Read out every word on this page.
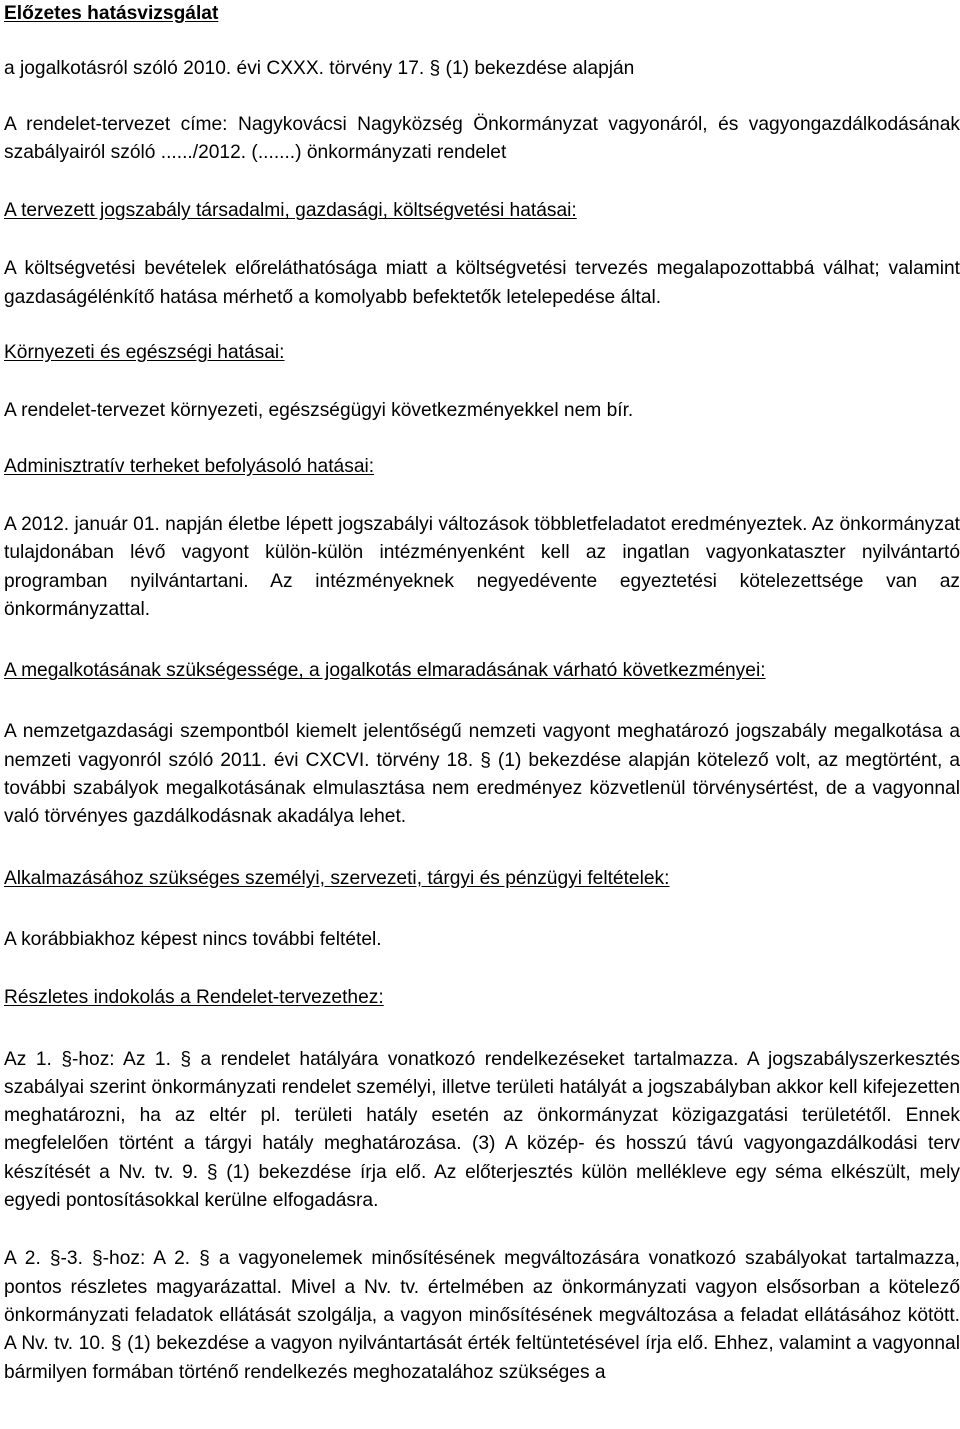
Előzetes hatásvizsgálat

a jogalkotásról szóló 2010. évi CXXX. törvény 17. § (1) bekezdése alapján

A rendelet-tervezet címe: Nagykovácsi Nagyközség Önkormányzat vagyonáról, és vagyongazdálkodásának szabályairól szóló ....../2012. (.......) önkormányzati rendelet

A tervezett jogszabály társadalmi, gazdasági, költségvetési hatásai:

A költségvetési bevételek előreláthatósága miatt a költségvetési tervezés megalapozottabbá válhat; valamint gazdaságélénkítő hatása mérhető a komolyabb befektetők letelepedése által.

Környezeti és egészségi hatásai:

A rendelet-tervezet környezeti, egészségügyi következményekkel nem bír.

Adminisztratív terheket befolyásoló hatásai:

A 2012. január 01. napján életbe lépett jogszabályi változások többletfeladatot eredményeztek. Az önkormányzat tulajdonában lévő vagyont külön-külön intézményenként kell az ingatlan vagyonkataszter nyilvántartó programban nyilvántartani. Az intézményeknek negyedévente egyeztetési kötelezettsége van az önkormányzattal.

A megalkotásának szükségessége, a jogalkotás elmaradásának várható következményei:

A nemzetgazdasági szempontból kiemelt jelentőségű nemzeti vagyont meghatározó jogszabály megalkotása a nemzeti vagyonról szóló 2011. évi CXCVI. törvény 18. § (1) bekezdése alapján kötelező volt, az megtörtént, a további szabályok megalkotásának elmulasztása nem eredményez közvetlenül törvénysértést, de a vagyonnal való törvényes gazdálkodásnak akadálya lehet.

Alkalmazásához szükséges személyi, szervezeti, tárgyi és pénzügyi feltételek:

A korábbiakhoz képest nincs további feltétel.

Részletes indokolás a Rendelet-tervezethez:

Az 1. §-hoz: Az 1. § a rendelet hatályára vonatkozó rendelkezéseket tartalmazza. A jogszabályszerkesztés szabályai szerint önkormányzati rendelet személyi, illetve területi hatályát a jogszabályban akkor kell kifejezetten meghatározni, ha az eltér pl. területi hatály esetén az önkormányzat közigazgatási területétől. Ennek megfelelően történt a tárgyi hatály meghatározása. (3) A közép- és hosszú távú vagyongazdálkodási terv készítését a Nv. tv. 9. § (1) bekezdése írja elő. Az előterjesztés külön mellékleve egy séma elkészült, mely egyedi pontosításokkal kerülne elfogadásra.

A 2. §-3. §-hoz: A 2. § a vagyonelemek minősítésének megváltozására vonatkozó szabályokat tartalmazza, pontos részletes magyarázattal. Mivel a Nv. tv. értelmében az önkormányzati vagyon elsősorban a kötelező önkormányzati feladatok ellátását szolgálja, a vagyon minősítésének megváltozása a feladat ellátásához kötött. A Nv. tv. 10. § (1) bekezdése a vagyon nyilvántartását érték feltüntetésével írja elő. Ehhez, valamint a vagyonnal bármilyen formában történő rendelkezés meghozatalához szükséges a
